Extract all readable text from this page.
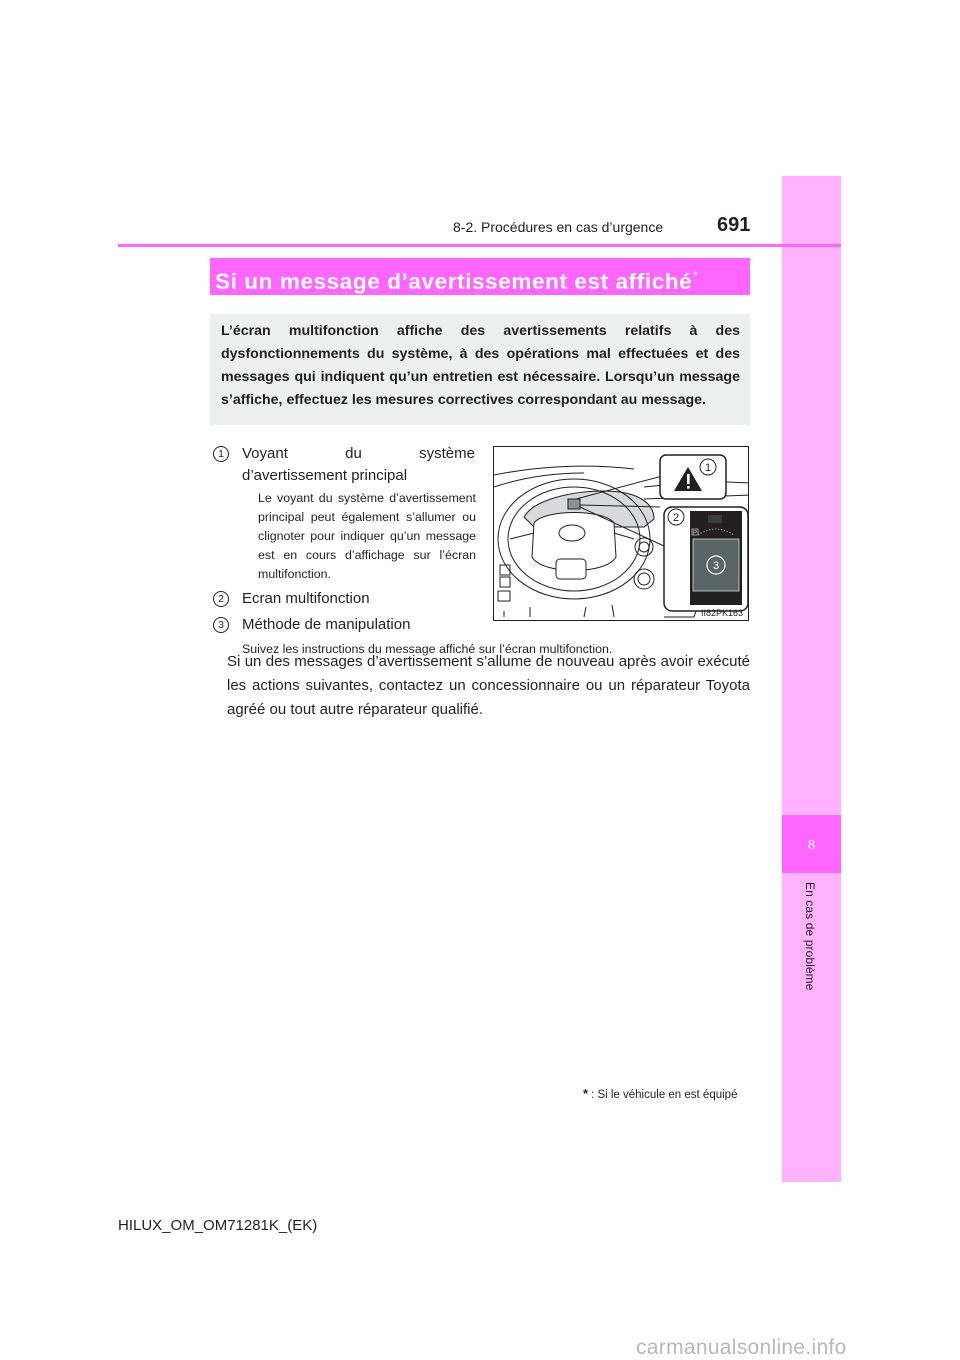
8
En cas de problème
8-2. Procédures en cas d’urgence	691
Si un message d’avertissement est affiché*

L’écran multifonction affiche des avertissements relatifs à des dysfonctionnements du système, à des opérations mal effectuées et des messages qui indiquent qu’un entretien est nécessaire. Lorsqu’un message s’affiche, effectuez les mesures correctives correspondant au message.

1	Voyant du système d’avertissement principal
Le voyant du système d’avertissement principal peut également s’allumer ou clignoter pour indiquer qu’un message est en cours d’affichage sur l’écran multifonction.
2	Ecran multifonction
3	Méthode de manipulation
Suivez les instructions du message affiché sur l’écran multifonction.
1
2
P
3
II82PK163
Si un des messages d’avertissement s’allume de nouveau après avoir exécuté les actions suivantes, contactez un concessionnaire ou un réparateur Toyota agréé ou tout autre réparateur qualifié.
* : Si le véhicule en est équipé
HILUX_OM_OM71281K_(EK)
carmanualsonline.info
